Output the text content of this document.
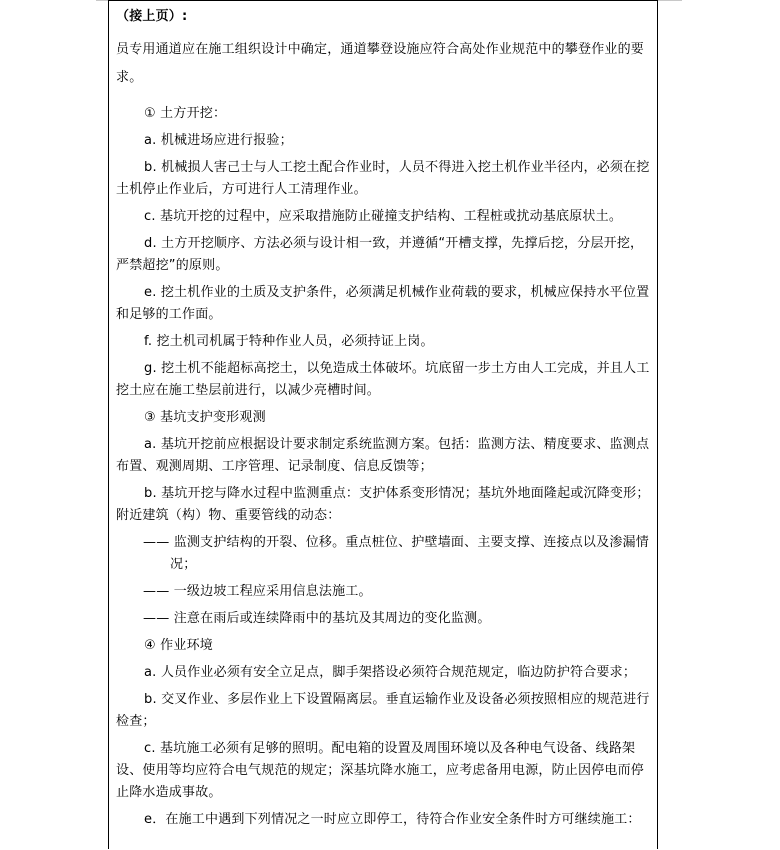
（接上页）:

员专用通道应在施工组织设计中确定，通道攀登设施应符合高处作业规范中的攀登作业的要求。

① 土方开挖：

a. 机械进场应进行报验；

b. 机械损人害己士与人工挖土配合作业时，人员不得进入挖土机作业半径内，必须在挖土机停止作业后，方可进行人工清理作业。

c. 基坑开挖的过程中，应采取措施防止碰撞支护结构、工程桩或扰动基底原状土。

d. 土方开挖顺序、方法必须与设计相一致，并遵循“开槽支撑，先撑后挖，分层开挖，严禁超挖”的原则。

e. 挖土机作业的土质及支护条件，必须满足机械作业荷载的要求，机械应保持水平位置和足够的工作面。

f. 挖土机司机属于特种作业人员，必须持证上岗。

g. 挖土机不能超标高挖土，以免造成土体破坏。坑底留一步土方由人工完成，并且人工挖土应在施工垫层前进行，以减少亮槽时间。

③ 基坑支护变形观测

a. 基坑开挖前应根据设计要求制定系统监测方案。包括：监测方法、精度要求、监测点布置、观测周期、工序管理、记录制度、信息反馈等；

b. 基坑开挖与降水过程中监测重点：支护体系变形情况；基坑外地面隆起或沉降变形；附近建筑（构）物、重要管线的动态：

—— 监测支护结构的开裂、位移。重点桩位、护壁墙面、主要支撑、连接点以及渗漏情况；

—— 一级边坡工程应采用信息法施工。

—— 注意在雨后或连续降雨中的基坑及其周边的变化监测。

④ 作业环境

a. 人员作业必须有安全立足点，脚手架搭设必须符合规范规定，临边防护符合要求；

b. 交叉作业、多层作业上下设置隔离层。垂直运输作业及设备必须按照相应的规范进行检查；

c. 基坑施工必须有足够的照明。配电箱的设置及周围环境以及各种电气设备、线路架设、使用等均应符合电气规范的规定；深基坑降水施工，应考虑备用电源，防止因停电而停止降水造成事故。

e．在施工中遇到下列情况之一时应立即停工，待符合作业安全条件时方可继续施工：
